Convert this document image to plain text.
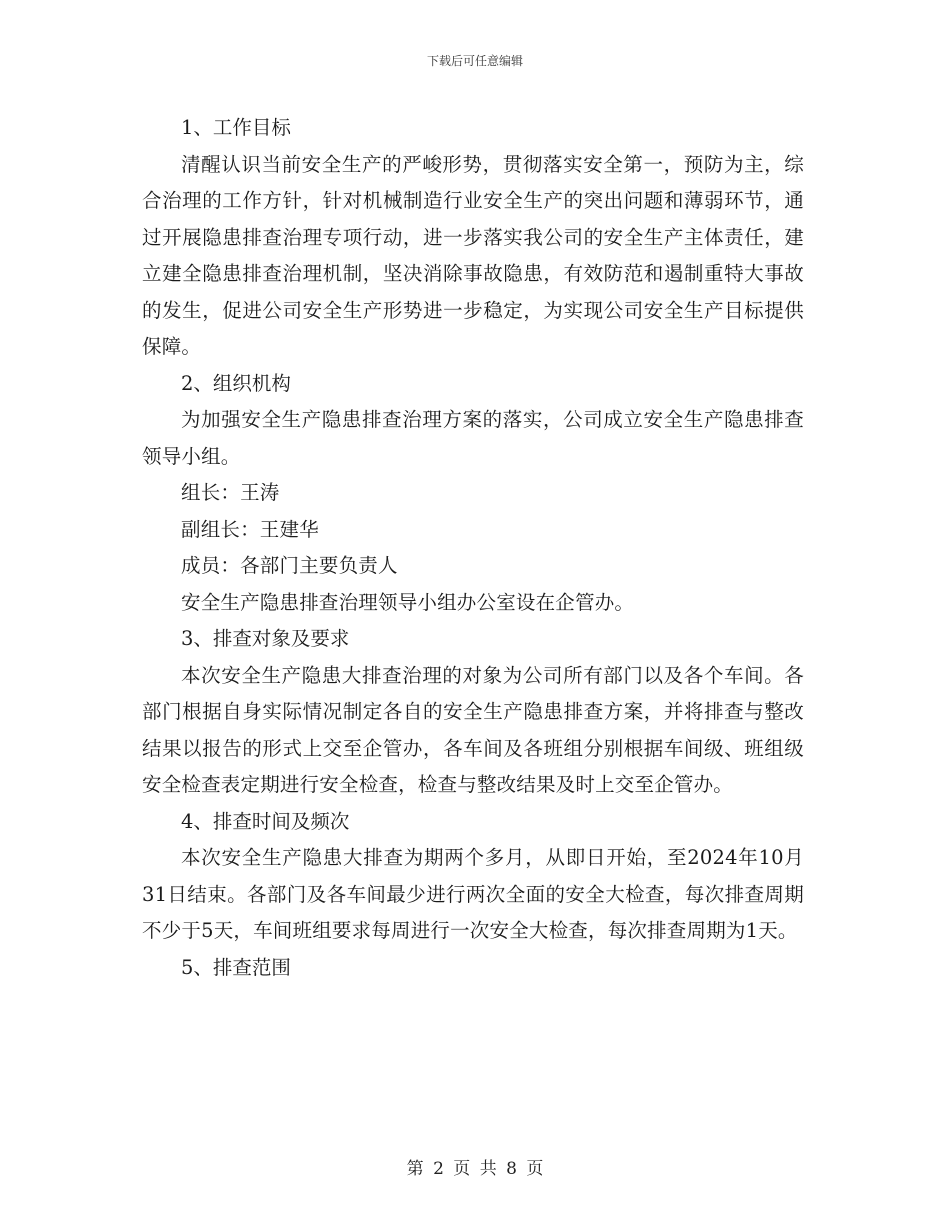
下载后可任意编辑
1、工作目标

清醒认识当前安全生产的严峻形势，贯彻落实安全第一，预防为主，综合治理的工作方针，针对机械制造行业安全生产的突出问题和薄弱环节，通过开展隐患排查治理专项行动，进一步落实我公司的安全生产主体责任，建立建全隐患排查治理机制，坚决消除事故隐患，有效防范和遏制重特大事故的发生，促进公司安全生产形势进一步稳定，为实现公司安全生产目标提供保障。

2、组织机构

为加强安全生产隐患排查治理方案的落实，公司成立安全生产隐患排查领导小组。

组长：王涛

副组长：王建华

成员：各部门主要负责人

安全生产隐患排查治理领导小组办公室设在企管办。

3、排查对象及要求

本次安全生产隐患大排查治理的对象为公司所有部门以及各个车间。各部门根据自身实际情况制定各自的安全生产隐患排查方案，并将排查与整改结果以报告的形式上交至企管办，各车间及各班组分别根据车间级、班组级安全检查表定期进行安全检查，检查与整改结果及时上交至企管办。

4、排查时间及频次

本次安全生产隐患大排查为期两个多月，从即日开始，至2024年10月31日结束。各部门及各车间最少进行两次全面的安全大检查，每次排查周期不少于5天，车间班组要求每周进行一次安全大检查，每次排查周期为1天。

5、排查范围
第 2 页 共 8 页
